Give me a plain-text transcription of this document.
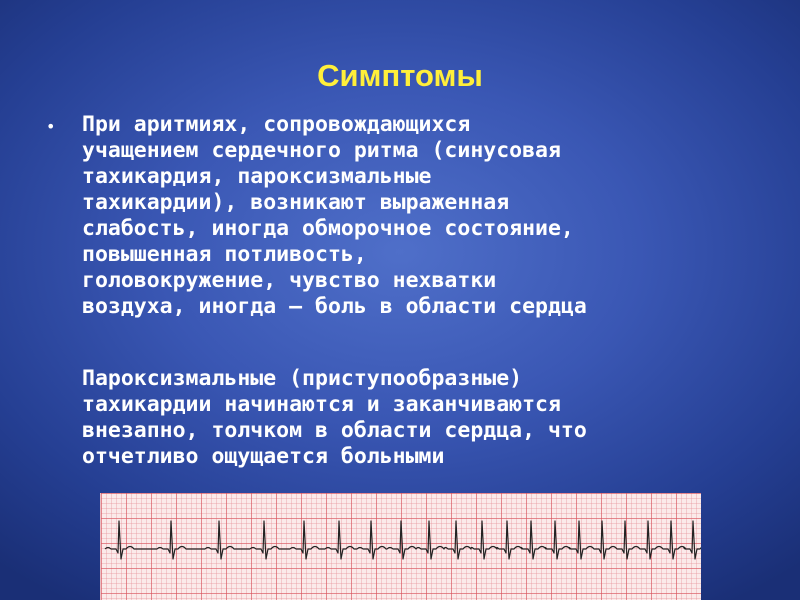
Симптомы
• При аритмиях, сопровождающихся
учащением сердечного ритма (синусовая
тахикардия, пароксизмальные
тахикардии), возникают выраженная
слабость, иногда обморочное состояние,
повышенная потливость,
головокружение, чувство нехватки
воздуха, иногда — боль в области сердца

Пароксизмальные (приступообразные)
тахикардии начинаются и заканчиваются
внезапно, толчком в области сердца, что
отчетливо ощущается больными
